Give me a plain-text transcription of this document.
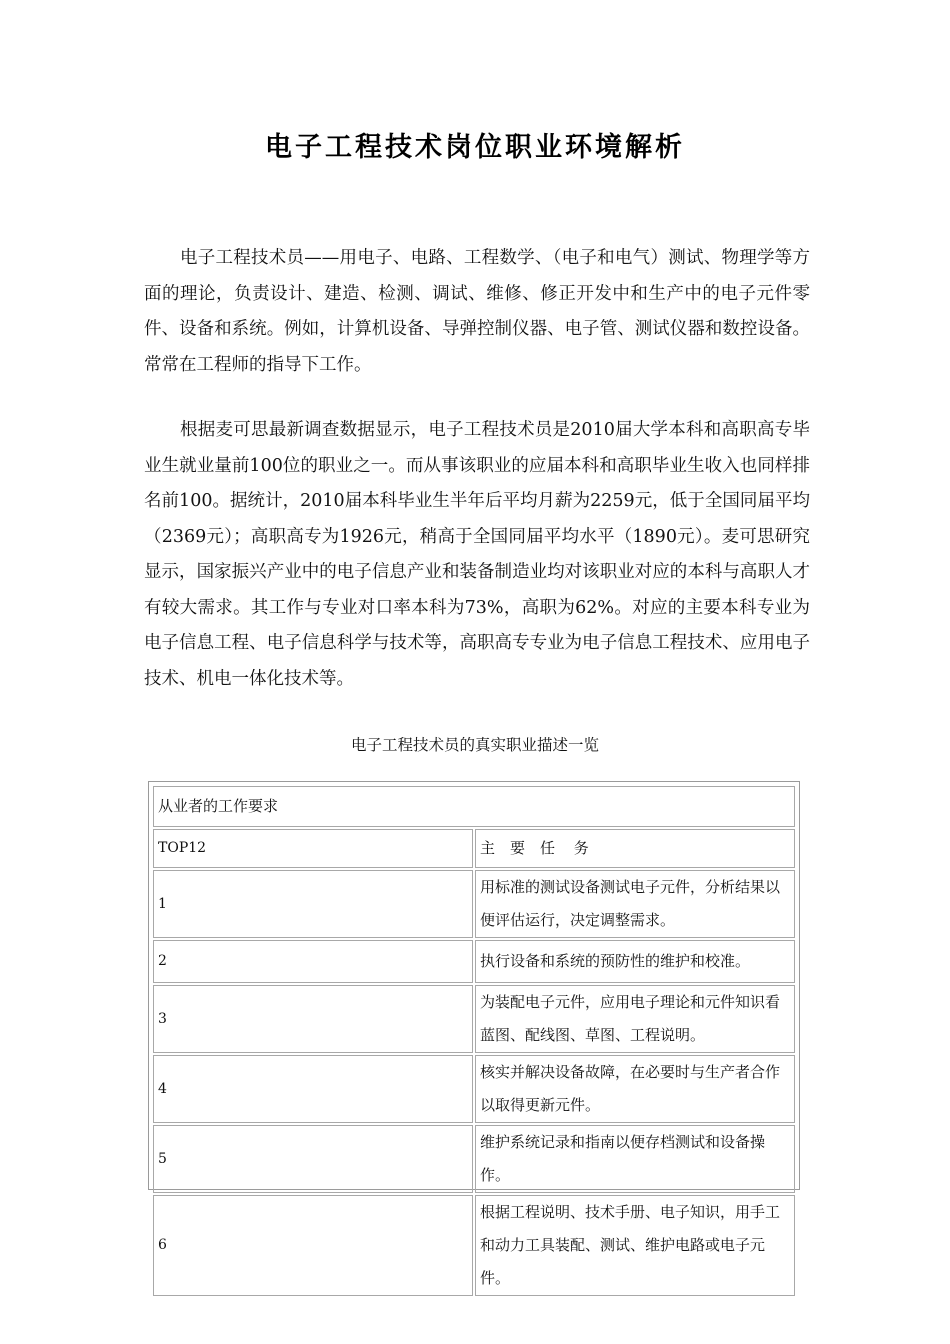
电子工程技术岗位职业环境解析

电子工程技术员——用电子、电路、工程数学、（电子和电气）测试、物理学等方面的理论，负责设计、建造、检测、调试、维修、修正开发中和生产中的电子元件零件、设备和系统。例如，计算机设备、导弹控制仪器、电子管、测试仪器和数控设备。常常在工程师的指导下工作。

根据麦可思最新调查数据显示，电子工程技术员是2010届大学本科和高职高专毕业生就业量前100位的职业之一。而从事该职业的应届本科和高职毕业生收入也同样排名前100。据统计，2010届本科毕业生半年后平均月薪为2259元，低于全国同届平均（2369元）；高职高专为1926元，稍高于全国同届平均水平（1890元）。麦可思研究显示，国家振兴产业中的电子信息产业和装备制造业均对该职业对应的本科与高职人才有较大需求。其工作与专业对口率本科为73%，高职为62%。对应的主要本科专业为电子信息工程、电子信息科学与技术等，高职高专专业为电子信息工程技术、应用电子技术、机电一体化技术等。

电子工程技术员的真实职业描述一览
从业者的工作要求	
TOP12	主　要　任 务
1	用标准的测试设备测试电子元件，分析结果以便评估运行，决定调整需求。
2	执行设备和系统的预防性的维护和校准。
3	为装配电子元件，应用电子理论和元件知识看蓝图、配线图、草图、工程说明。
4	核实并解决设备故障，在必要时与生产者合作以取得更新元件。
5	维护系统记录和指南以便存档测试和设备操作。
6	根据工程说明、技术手册、电子知识，用手工和动力工具装配、测试、维护电路或电子元件。
